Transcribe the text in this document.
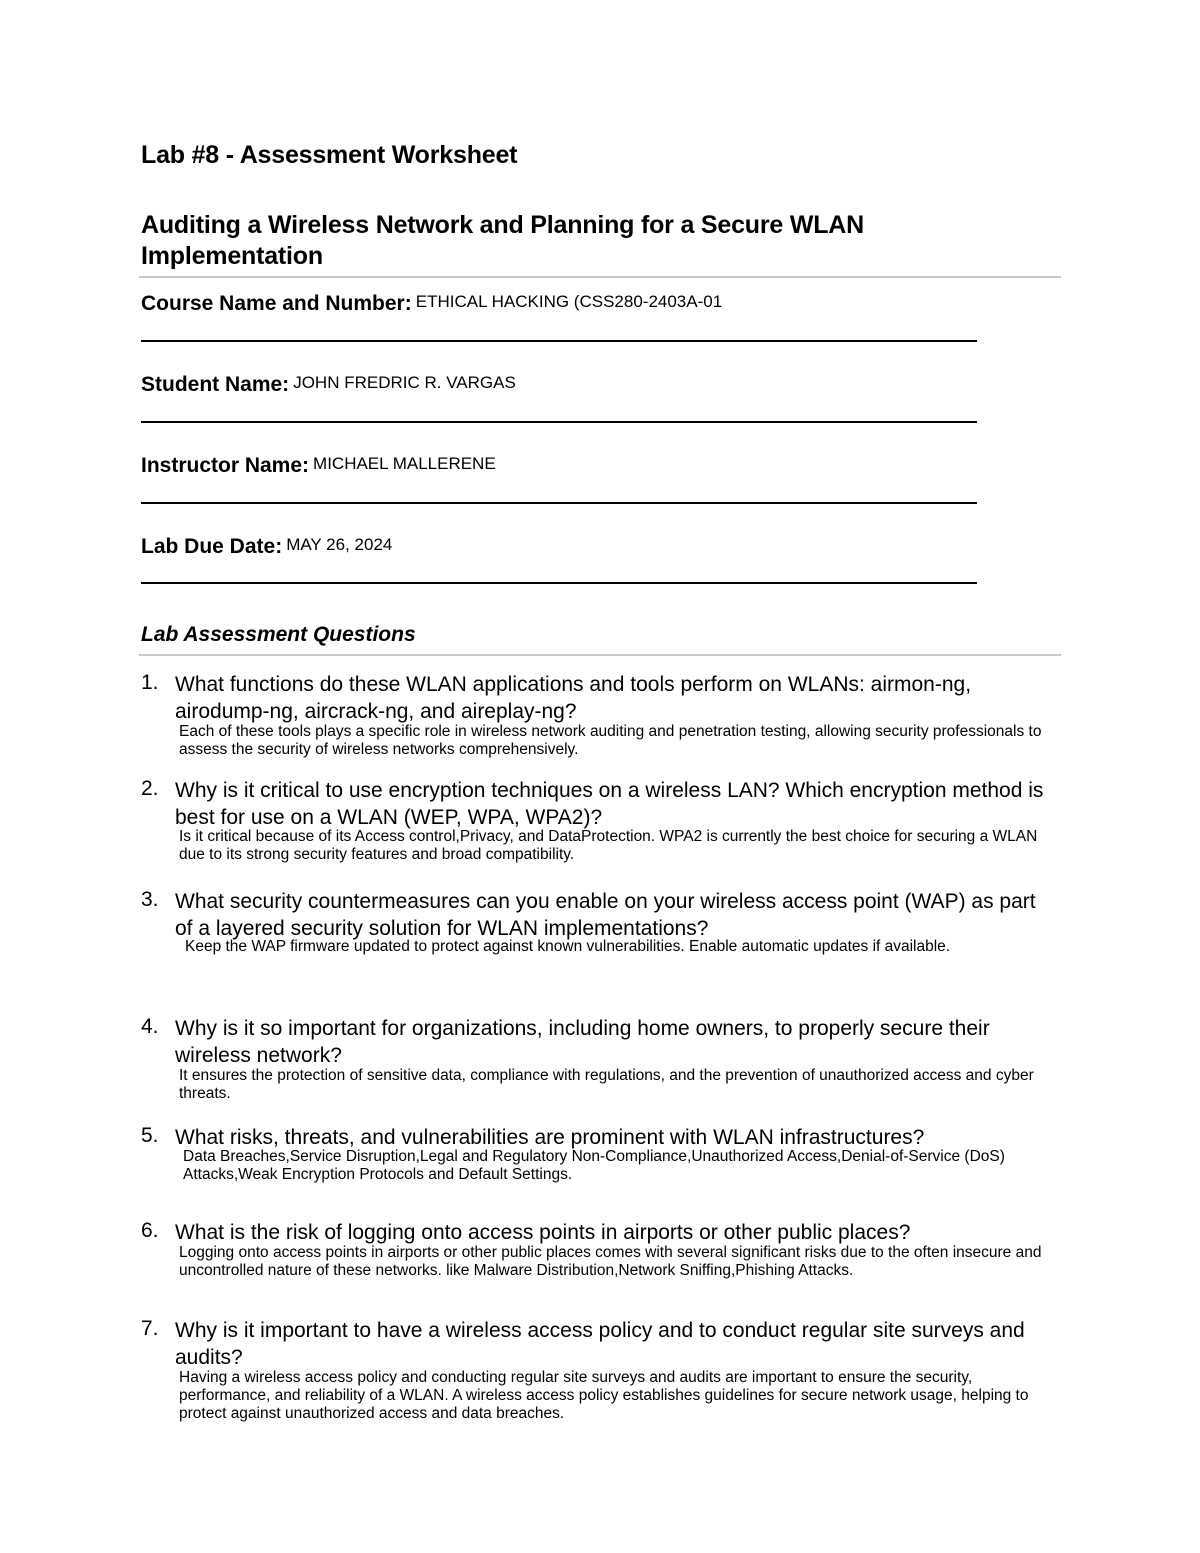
Lab #8 - Assessment Worksheet
Auditing a Wireless Network and Planning for a Secure WLAN Implementation
Course Name and Number: ETHICAL HACKING (CSS280-2403A-01
Student Name: JOHN FREDRIC R. VARGAS
Instructor Name: MICHAEL MALLERENE
Lab Due Date: MAY 26, 2024
Lab Assessment Questions
1. What functions do these WLAN applications and tools perform on WLANs: airmon-ng, airodump-ng, aircrack-ng, and aireplay-ng?
Each of these tools plays a specific role in wireless network auditing and penetration testing, allowing security professionals to assess the security of wireless networks comprehensively.
2. Why is it critical to use encryption techniques on a wireless LAN? Which encryption method is best for use on a WLAN (WEP, WPA, WPA2)?
Is it critical because of its Access control,Privacy, and DataProtection. WPA2 is currently the best choice for securing a WLAN due to its strong security features and broad compatibility.
3. What security countermeasures can you enable on your wireless access point (WAP) as part of a layered security solution for WLAN implementations?
Keep the WAP firmware updated to protect against known vulnerabilities. Enable automatic updates if available.
4. Why is it so important for organizations, including home owners, to properly secure their wireless network?
It ensures the protection of sensitive data, compliance with regulations, and the prevention of unauthorized access and cyber threats.
5. What risks, threats, and vulnerabilities are prominent with WLAN infrastructures?
Data Breaches,Service Disruption,Legal and Regulatory Non-Compliance,Unauthorized Access,Denial-of-Service (DoS) Attacks,Weak Encryption Protocols and Default Settings.
6. What is the risk of logging onto access points in airports or other public places?
Logging onto access points in airports or other public places comes with several significant risks due to the often insecure and uncontrolled nature of these networks. like Malware Distribution,Network Sniffing,Phishing Attacks.
7. Why is it important to have a wireless access policy and to conduct regular site surveys and audits?
Having a wireless access policy and conducting regular site surveys and audits are important to ensure the security, performance, and reliability of a WLAN. A wireless access policy establishes guidelines for secure network usage, helping to protect against unauthorized access and data breaches.
